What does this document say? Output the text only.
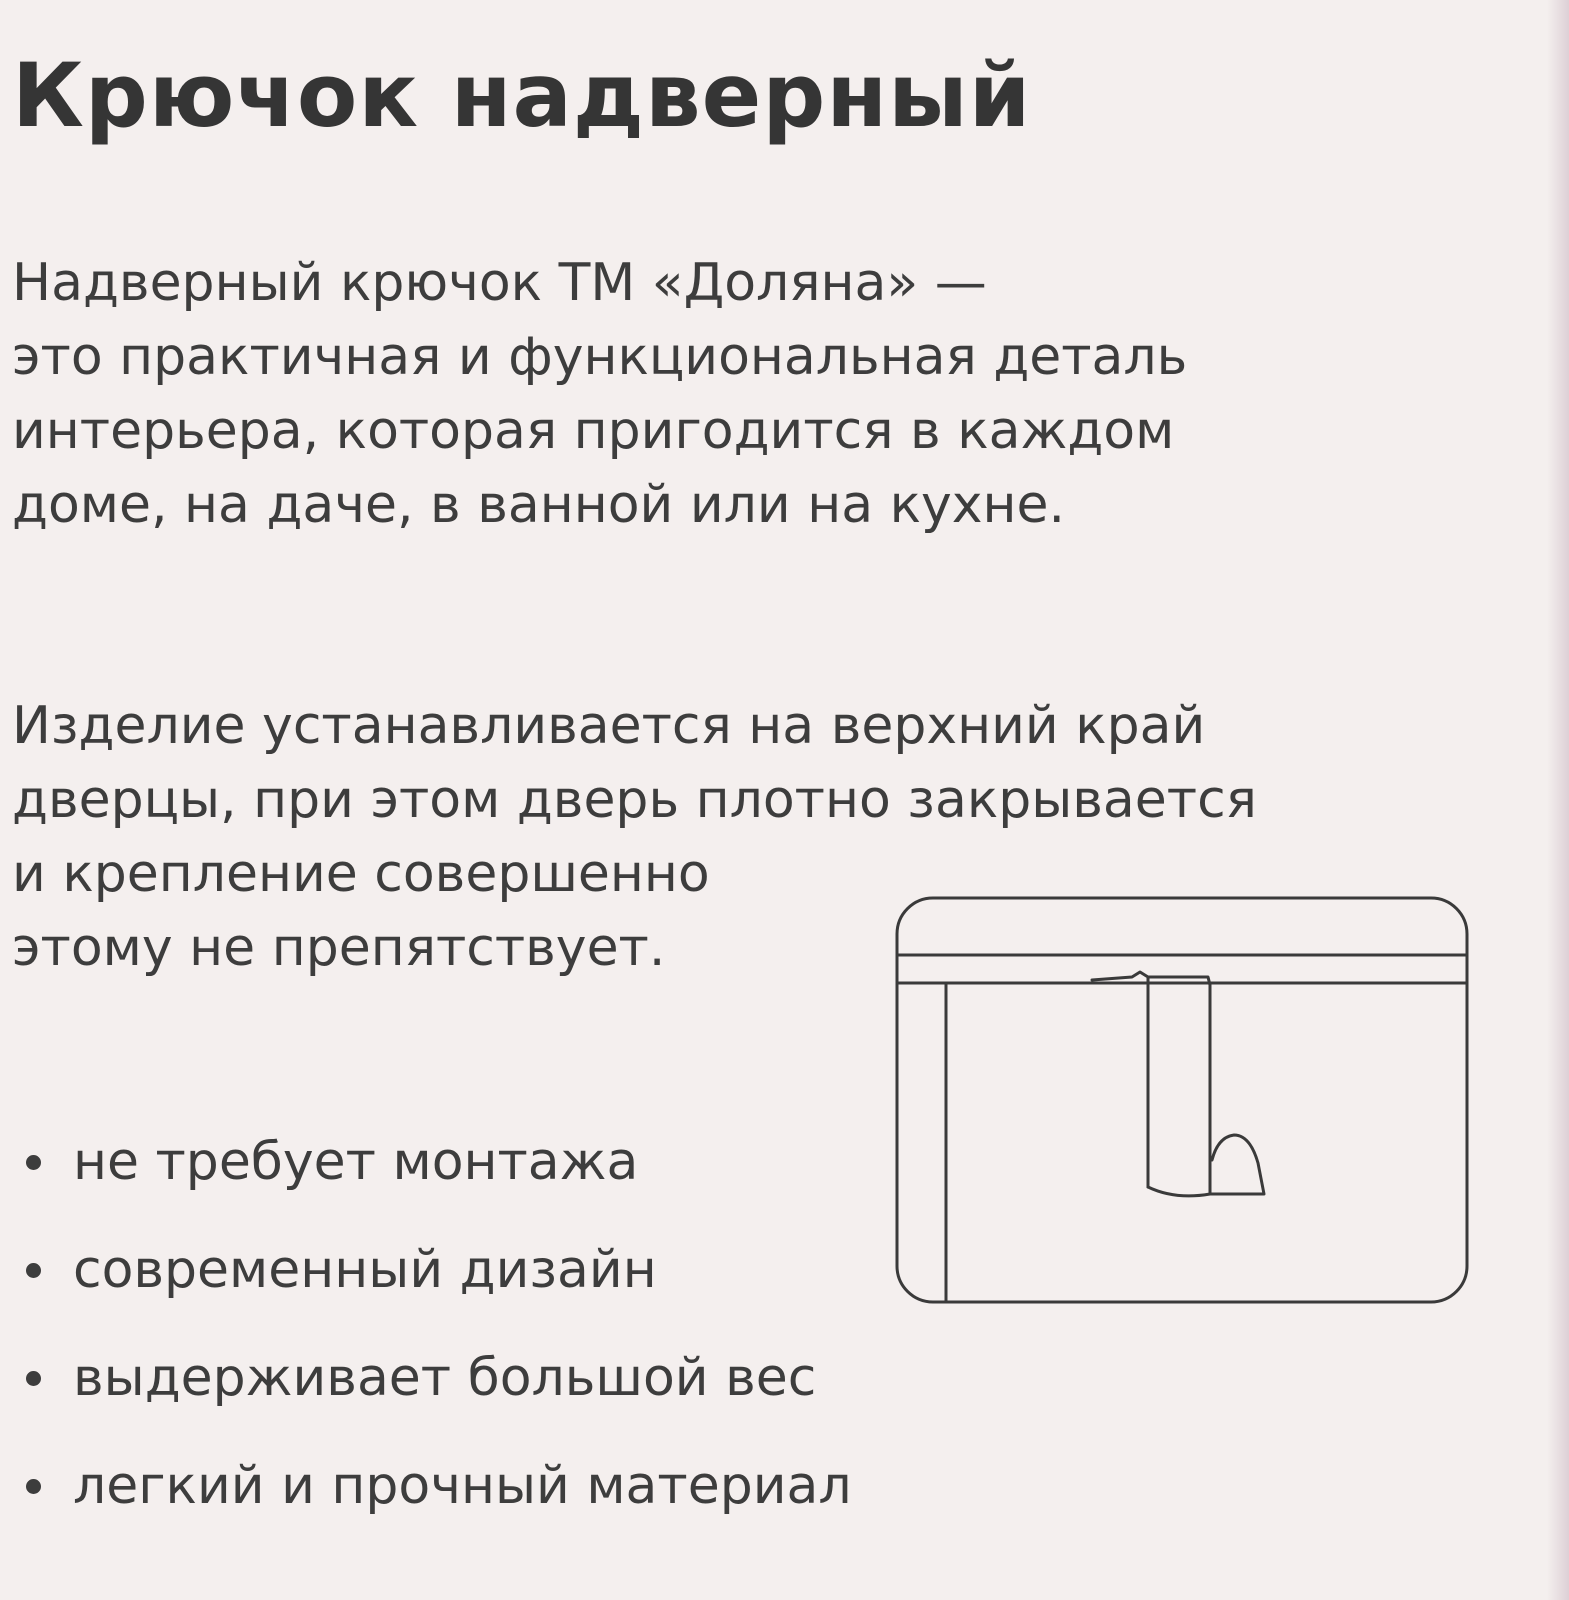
Крючок надверный
Надверный крючок ТМ «Доляна» —
это практичная и функциональная деталь
интерьера, которая пригодится в каждом
доме, на даче, в ванной или на кухне.
Изделие устанавливается на верхний край
дверцы, при этом дверь плотно закрывается
и крепление совершенно
этому не препятствует.
не требует монтажа
современный дизайн
выдерживает большой вес
легкий и прочный материал
